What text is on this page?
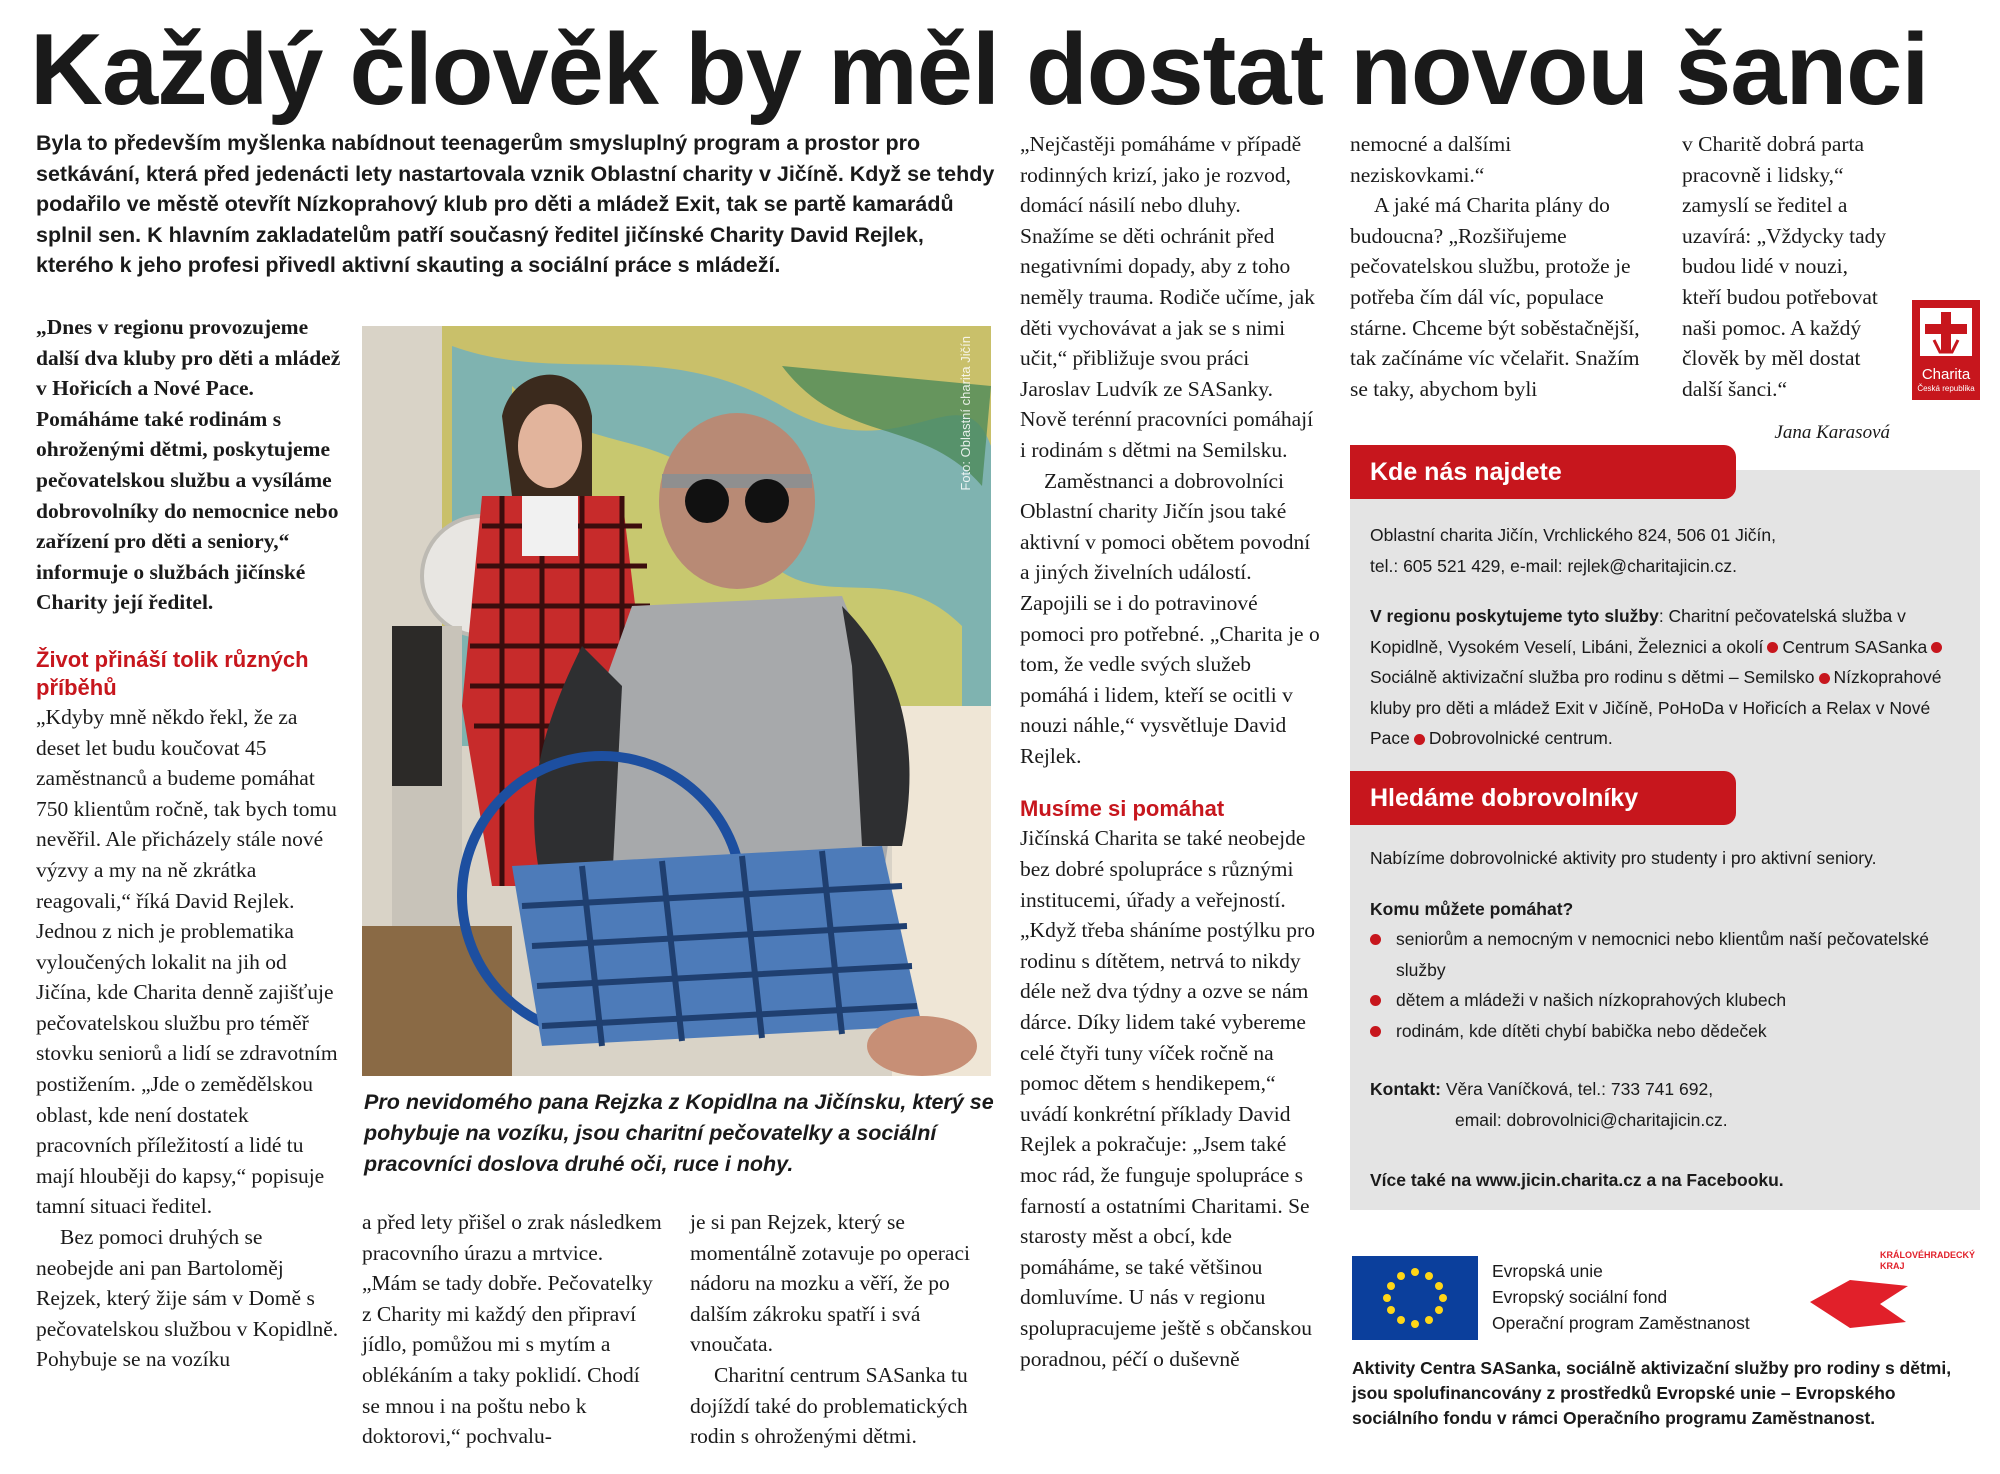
Každý člověk by měl dostat novou šanci
Byla to především myšlenka nabídnout teenagerům smysluplný program a prostor pro setkávání, která před jedenácti lety nastartovala vznik Oblastní charity v Jičíně. Když se tehdy podařilo ve městě otevřít Nízkoprahový klub pro děti a mládež Exit, tak se partě kamarádů splnil sen. K hlavním zakladatelům patří současný ředitel jičínské Charity David Rejlek, kterého k jeho profesi přivedl aktivní skauting a sociální práce s mládeží.

„Dnes v regionu provozujeme další dva kluby pro děti a mládež v Hořicích a Nové Pace. Pomáháme také rodinám s ohroženými dětmi, poskytujeme pečovatelskou službu a vysíláme dobrovolníky do nemocnice nebo zařízení pro děti a seniory,“ informuje o službách jičínské Charity její ředitel.

Život přináší tolik různých příběhů

„Kdyby mně někdo řekl, že za deset let budu koučovat 45 zaměstnanců a budeme pomáhat 750 klientům ročně, tak bych tomu nevěřil. Ale přicházely stále nové výzvy a my na ně zkrátka reagovali,“ říká David Rejlek. Jednou z nich je problematika vyloučených lokalit na jih od Jičína, kde Charita denně zajišťuje pečovatelskou službu pro téměř stovku seniorů a lidí se zdravotním postižením. „Jde o zemědělskou oblast, kde není dostatek pracovních příležitostí a lidé tu mají hlouběji do kapsy,“ popisuje tamní situaci ředitel.

Bez pomoci druhých se neobejde ani pan Bartoloměj Rejzek, který žije sám v Domě s pečovatelskou službou v Kopidlně. Pohybuje se na vozíku

Foto: Oblastní charita Jičín
Pro nevidomého pana Rejzka z Kopidlna na Jičínsku, který se pohybuje na vozíku, jsou charitní pečovatelky a sociální pracovníci doslova druhé oči, ruce i nohy.

a před lety přišel o zrak následkem pracovního úrazu a mrtvice. „Mám se tady dobře. Pečovatelky z Charity mi každý den připraví jídlo, pomůžou mi s mytím a oblékáním a taky poklidí. Chodí se mnou i na poštu nebo k doktorovi,“ pochvalu-

je si pan Rejzek, který se momentálně zotavuje po operaci nádoru na mozku a věří, že po dalším zákroku spatří i svá vnoučata.

Charitní centrum SASanka tu dojíždí také do problematických rodin s ohroženými dětmi.

„Nejčastěji pomáháme v případě rodinných krizí, jako je rozvod, domácí násilí nebo dluhy. Snažíme se děti ochránit před negativními dopady, aby z toho neměly trauma. Rodiče učíme, jak děti vychovávat a jak se s nimi učit,“ přibližuje svou práci Jaroslav Ludvík ze SASanky. Nově terénní pracovníci pomáhají i rodinám s dětmi na Semilsku.

Zaměstnanci a dobrovolníci Oblastní charity Jičín jsou také aktivní v pomoci obětem povodní a jiných živelních událostí. Zapojili se i do potravinové pomoci pro potřebné. „Charita je o tom, že vedle svých služeb pomáhá i lidem, kteří se ocitli v nouzi náhle,“ vysvětluje David Rejlek.

Musíme si pomáhat

Jičínská Charita se také neobejde bez dobré spolupráce s různými institucemi, úřady a veřejností. „Když třeba sháníme postýlku pro rodinu s dítětem, netrvá to nikdy déle než dva týdny a ozve se nám dárce. Díky lidem také vybereme celé čtyři tuny víček ročně na pomoc dětem s hendikepem,“ uvádí konkrétní příklady David Rejlek a pokračuje: „Jsem také moc rád, že funguje spolupráce s farností a ostatními Charitami. Se starosty měst a obcí, kde pomáháme, se také většinou domluvíme. U nás v regionu spolupracujeme ještě s občanskou poradnou, péčí o duševně

nemocné a dalšími neziskovkami.“

A jaké má Charita plány do budoucna? „Rozšiřujeme pečovatelskou službu, protože je potřeba čím dál víc, populace stárne. Chceme být soběstačnější, tak začínáme víc včelařit. Snažím se taky, abychom byli

v Charitě dobrá parta pracovně i lidsky,“ zamyslí se ředitel a uzavírá: „Vždycky tady budou lidé v nouzi, kteří budou potřebovat naši pomoc. A každý člověk by měl dostat další šanci.“

Jana Karasová

Charita
Česká republika
Kde nás najdete
Oblastní charita Jičín, Vrchlického 824, 506 01 Jičín,
tel.: 605 521 429, e-mail: rejlek@charitajicin.cz.
V regionu poskytujeme tyto služby: Charitní pečovatelská služba v Kopidlně, Vysokém Veselí, Libáni, Železnici a okolí Centrum SASankaSociálně aktivizační služba pro rodinu s dětmi – Semilsko Nízkoprahové kluby pro děti a mládež Exit v Jičíně, PoHoDa v Hořicích a Relax v Nové Pace Dobrovolnické centrum.
Hledáme dobrovolníky
Nabízíme dobrovolnické aktivity pro studenty i pro aktivní seniory.
Komu můžete pomáhat?
seniorům a nemocným v nemocnici nebo klientům naší pečovatelské služby
dětem a mládeži v našich nízkoprahových klubech
rodinám, kde dítěti chybí babička nebo dědeček
Kontakt: Věra Vaníčková, tel.: 733 741 692,
email: dobrovolnici@charitajicin.cz.
Více také na www.jicin.charita.cz a na Facebooku.
Evropská unie
Evropský sociální fond
Operační program Zaměstnanost
KRÁLOVÉHRADECKÝ
KRAJ
Aktivity Centra SASanka, sociálně aktivizační služby pro rodiny s dětmi, jsou spolufinancovány z prostředků Evropské unie – Evropského sociálního fondu v rámci Operačního programu Zaměstnanost.
